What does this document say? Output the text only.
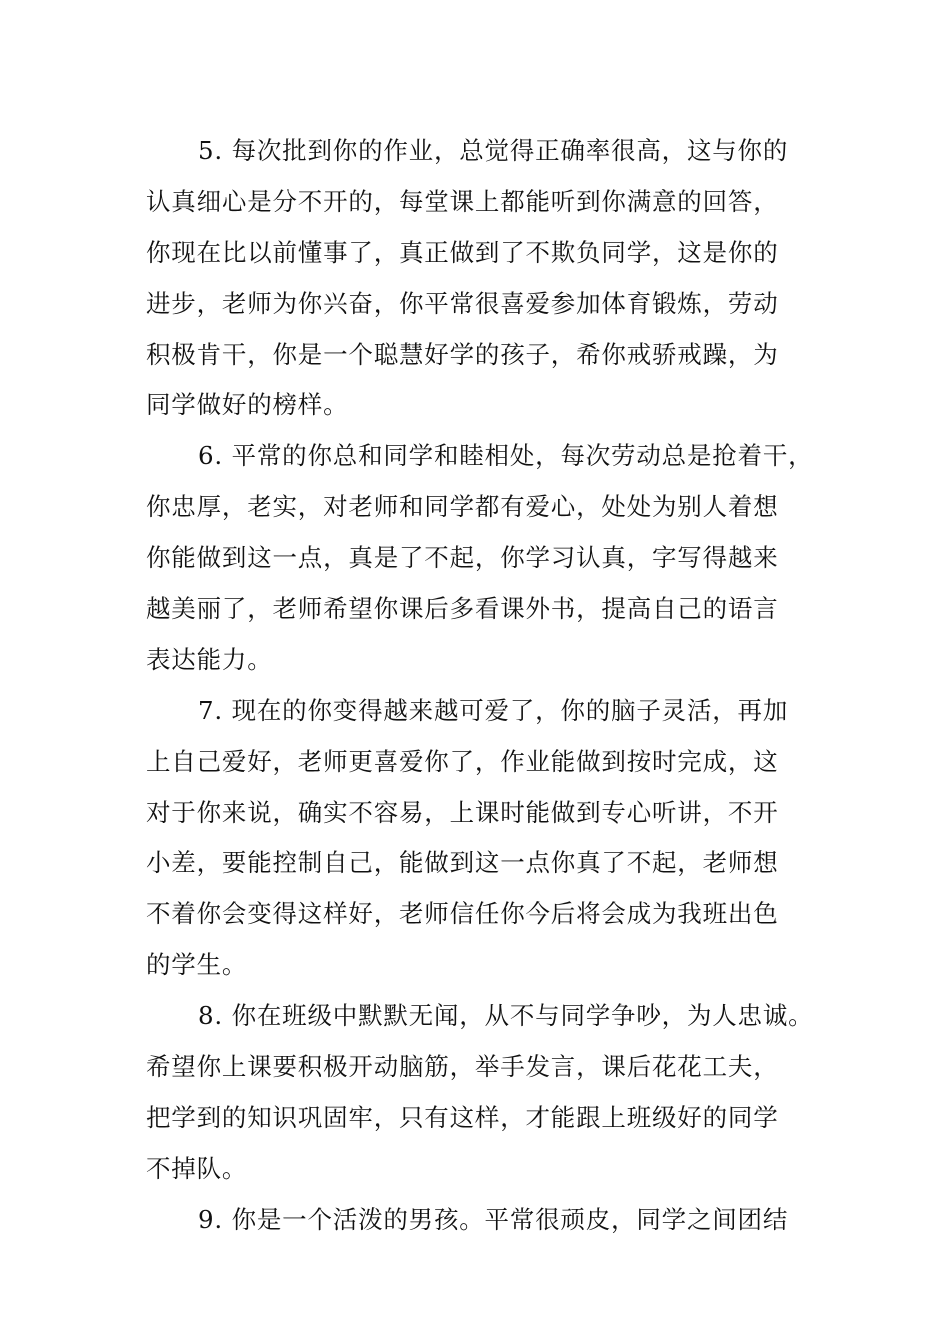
5. 每次批到你的作业，总觉得正确率很高，这与你的
认真细心是分不开的，每堂课上都能听到你满意的回答，
你现在比以前懂事了，真正做到了不欺负同学，这是你的
进步，老师为你兴奋，你平常很喜爱参加体育锻炼，劳动
积极肯干，你是一个聪慧好学的孩子，希你戒骄戒躁，为
同学做好的榜样。

6. 平常的你总和同学和睦相处，每次劳动总是抢着干，
你忠厚，老实，对老师和同学都有爱心，处处为别人着想
你能做到这一点，真是了不起，你学习认真，字写得越来
越美丽了，老师希望你课后多看课外书，提高自己的语言
表达能力。

7. 现在的你变得越来越可爱了，你的脑子灵活，再加
上自己爱好，老师更喜爱你了，作业能做到按时完成，这
对于你来说，确实不容易，上课时能做到专心听讲，不开
小差，要能控制自己，能做到这一点你真了不起，老师想
不着你会变得这样好，老师信任你今后将会成为我班出色
的学生。

8. 你在班级中默默无闻，从不与同学争吵，为人忠诚。
希望你上课要积极开动脑筋，举手发言，课后花花工夫，
把学到的知识巩固牢，只有这样，才能跟上班级好的同学
不掉队。

9. 你是一个活泼的男孩。平常很顽皮，同学之间团结
